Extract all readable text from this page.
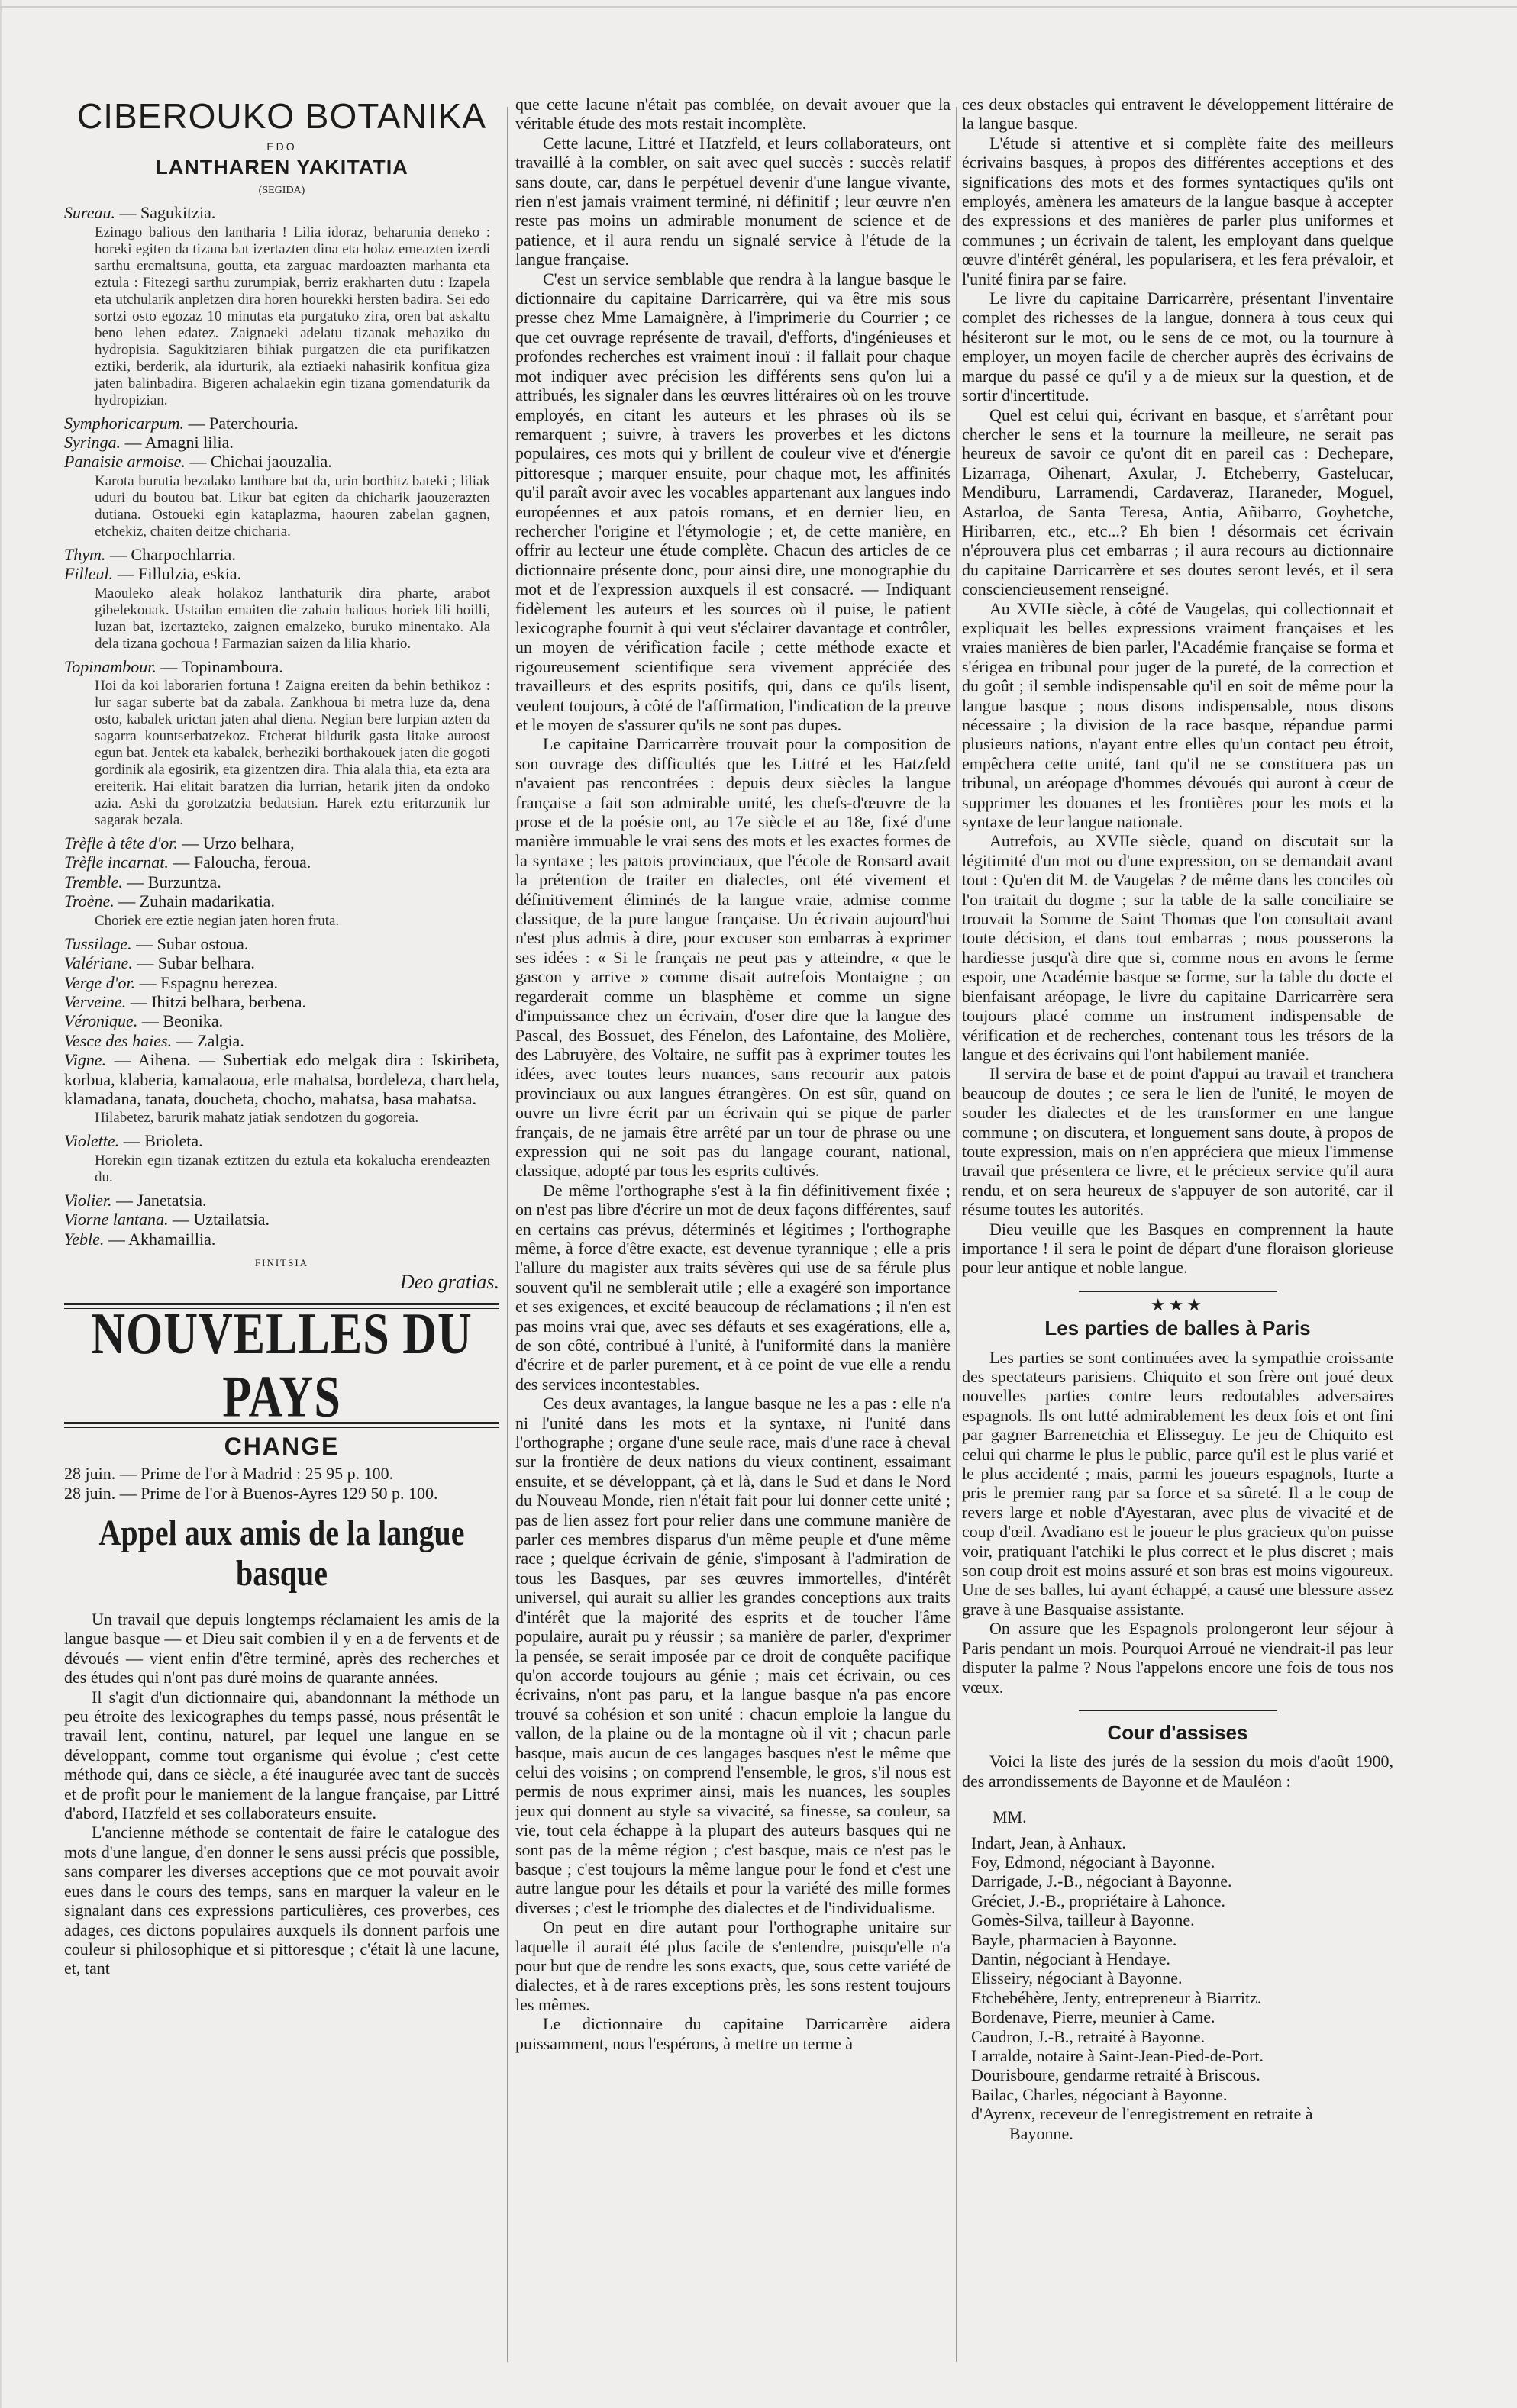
CIBEROUKO BOTANIKA
EDO
LANTHAREN YAKITATIA
(SEGIDA)

Sureau. — Sagukitzia.

Ezinago balious den lantharia ! Lilia idoraz, beharunia deneko : horeki egiten da tizana bat izertazten dina eta holaz emeazten izerdi sarthu eremaltsuna, goutta, eta zarguac mardoazten marhanta eta eztula : Fitezegi sarthu zurumpiak, berriz erakharten dutu : Izapela eta utchularik anpletzen dira horen hourekki hersten badira. Sei edo sortzi osto egozaz 10 minutas eta purgatuko zira, oren bat askaltu beno lehen edatez. Zaignaeki adelatu tizanak mehaziko du hydropisia. Sagukitziaren bihiak purgatzen die eta purifikatzen eztiki, berderik, ala idurturik, ala eztiaeki nahasirik konfitua giza jaten balinbadira. Bigeren achalaekin egin tizana gomendaturik da hydropizian.

Symphoricarpum. — Paterchouria.

Syringa. — Amagni lilia.

Panaisie armoise. — Chichai jaouzalia.

Karota burutia bezalako lanthare bat da, urin borthitz bateki ; liliak uduri du boutou bat. Likur bat egiten da chicharik jaouzerazten dutiana. Ostoueki egin kataplazma, haouren zabelan gagnen, etchekiz, chaiten deitze chicharia.

Thym. — Charpochlarria.

Filleul. — Fillulzia, eskia.

Maouleko aleak holakoz lanthaturik dira pharte, arabot gibelekouak. Ustailan emaiten die zahain halious horiek lili hoilli, luzan bat, izertazteko, zaignen emalzeko, buruko minentako. Ala dela tizana gochoua ! Farmazian saizen da lilia khario.

Topinambour. — Topinamboura.

Hoi da koi laborarien fortuna ! Zaigna ereiten da behin bethikoz : lur sagar suberte bat da zabala. Zankhoua bi metra luze da, dena osto, kabalek urictan jaten ahal diena. Negian bere lurpian azten da sagarra kountserbatzekoz. Etcherat bildurik gasta litake auroost egun bat. Jentek eta kabalek, berheziki borthakouek jaten die gogoti gordinik ala egosirik, eta gizentzen dira. Thia alala thia, eta ezta ara ereiterik. Hai elitait baratzen dia lurrian, hetarik jiten da ondoko azia. Aski da gorotzatzia bedatsian. Harek eztu eritarzunik lur sagarak bezala.

Trèfle à tête d'or. — Urzo belhara,

Trèfle incarnat. — Falouchа, feroua.

Tremble. — Burzuntza.

Troène. — Zuhain madarikatia.

Choriek ere eztie negian jaten horen fruta.

Tussilage. — Subar ostoua.

Valériane. — Subar belhara.

Verge d'or. — Espagnu herezea.

Verveine. — Ihitzi belhara, berbena.

Véronique. — Beonika.

Vesce des haies. — Zalgia.

Vigne. — Aihena. — Subertiak edo melgak dira : Iskiribeta, korbua, klaberia, kamalaoua, erle mahatsa, bordeleza, charchela, klamadana, tanata, doucheta, chocho, mahatsa, basa mahatsa.

Hilabetez, barurik mahatz jatiak sendotzen du gogoreia.

Violette. — Brioleta.

Horekin egin tizanak eztitzen du eztula eta kokalucha erendeazten du.

Violier. — Janetatsia.

Viorne lantana. — Uztailatsia.

Yeble. — Akhamaillia.

FINITSIA
Deo gratias.
NOUVELLES DU PAYS
CHANGE

28 juin. — Prime de l'or à Madrid : 25 95 p. 100.

28 juin. — Prime de l'or à Buenos-Ayres 129 50 p. 100.

Appel aux amis de la langue basque

Un travail que depuis longtemps réclamaient les amis de la langue basque — et Dieu sait combien il y en a de fervents et de dévoués — vient enfin d'être terminé, après des recherches et des études qui n'ont pas duré moins de quarante années.

Il s'agit d'un dictionnaire qui, abandonnant la méthode un peu étroite des lexicographes du temps passé, nous présentât le travail lent, continu, naturel, par lequel une langue en se développant, comme tout organisme qui évolue ; c'est cette méthode qui, dans ce siècle, a été inaugurée avec tant de succès et de profit pour le maniement de la langue française, par Littré d'abord, Hatzfeld et ses collaborateurs ensuite.

L'ancienne méthode se contentait de faire le catalogue des mots d'une langue, d'en donner le sens aussi précis que possible, sans comparer les diverses acceptions que ce mot pouvait avoir eues dans le cours des temps, sans en marquer la valeur en le signalant dans ces expressions particulières, ces proverbes, ces adages, ces dictons populaires auxquels ils donnent parfois une couleur si philosophique et si pittoresque ; c'était là une lacune, et, tant

que cette lacune n'était pas comblée, on devait avouer que la véritable étude des mots restait incomplète.

Cette lacune, Littré et Hatzfeld, et leurs collaborateurs, ont travaillé à la combler, on sait avec quel succès : succès relatif sans doute, car, dans le perpétuel devenir d'une langue vivante, rien n'est jamais vraiment terminé, ni définitif ; leur œuvre n'en reste pas moins un admirable monument de science et de patience, et il aura rendu un signalé service à l'étude de la langue française.

C'est un service semblable que rendra à la langue basque le dictionnaire du capitaine Darricarrère, qui va être mis sous presse chez Mme Lamaignère, à l'imprimerie du Courrier ; ce que cet ouvrage représente de travail, d'efforts, d'ingénieuses et profondes recherches est vraiment inouï : il fallait pour chaque mot indiquer avec précision les différents sens qu'on lui a attribués, les signaler dans les œuvres littéraires où on les trouve employés, en citant les auteurs et les phrases où ils se remarquent ; suivre, à travers les proverbes et les dictons populaires, ces mots qui y brillent de couleur vive et d'énergie pittoresque ; marquer ensuite, pour chaque mot, les affinités qu'il paraît avoir avec les vocables appartenant aux langues indo européennes et aux patois romans, et en dernier lieu, en rechercher l'origine et l'étymologie ; et, de cette manière, en offrir au lecteur une étude complète. Chacun des articles de ce dictionnaire présente donc, pour ainsi dire, une monographie du mot et de l'expression auxquels il est consacré. — Indiquant fidèlement les auteurs et les sources où il puise, le patient lexicographe fournit à qui veut s'éclairer davantage et contrôler, un moyen de vérification facile ; cette méthode exacte et rigoureusement scientifique sera vivement appréciée des travailleurs et des esprits positifs, qui, dans ce qu'ils lisent, veulent toujours, à côté de l'affirmation, l'indication de la preuve et le moyen de s'assurer qu'ils ne sont pas dupes.

Le capitaine Darricarrère trouvait pour la composition de son ouvrage des difficultés que les Littré et les Hatzfeld n'avaient pas rencontrées : depuis deux siècles la langue française a fait son admirable unité, les chefs-d'œuvre de la prose et de la poésie ont, au 17e siècle et au 18e, fixé d'une manière immuable le vrai sens des mots et les exactes formes de la syntaxe ; les patois provinciaux, que l'école de Ronsard avait la prétention de traiter en dialectes, ont été vivement et définitivement éliminés de la langue vraie, admise comme classique, de la pure langue française. Un écrivain aujourd'hui n'est plus admis à dire, pour excuser son embarras à exprimer ses idées : « Si le français ne peut pas y atteindre, « que le gascon y arrive » comme disait autrefois Montaigne ; on regarderait comme un blasphème et comme un signe d'impuissance chez un écrivain, d'oser dire que la langue des Pascal, des Bossuet, des Fénelon, des Lafontaine, des Molière, des Labruyère, des Voltaire, ne suffit pas à exprimer toutes les idées, avec toutes leurs nuances, sans recourir aux patois provinciaux ou aux langues étrangères. On est sûr, quand on ouvre un livre écrit par un écrivain qui se pique de parler français, de ne jamais être arrêté par un tour de phrase ou une expression qui ne soit pas du langage courant, national, classique, adopté par tous les esprits cultivés.

De même l'orthographe s'est à la fin définitivement fixée ; on n'est pas libre d'écrire un mot de deux façons différentes, sauf en certains cas prévus, déterminés et légitimes ; l'orthographe même, à force d'être exacte, est devenue tyrannique ; elle a pris l'allure du magister aux traits sévères qui use de sa férule plus souvent qu'il ne semblerait utile ; elle a exagéré son importance et ses exigences, et excité beaucoup de réclamations ; il n'en est pas moins vrai que, avec ses défauts et ses exagérations, elle a, de son côté, contribué à l'unité, à l'uniformité dans la manière d'écrire et de parler purement, et à ce point de vue elle a rendu des services incontestables.

Ces deux avantages, la langue basque ne les a pas : elle n'a ni l'unité dans les mots et la syntaxe, ni l'unité dans l'orthographe ; organe d'une seule race, mais d'une race à cheval sur la frontière de deux nations du vieux continent, essaimant ensuite, et se développant, çà et là, dans le Sud et dans le Nord du Nouveau Monde, rien n'était fait pour lui donner cette unité ; pas de lien assez fort pour relier dans une commune manière de parler ces membres disparus d'un même peuple et d'une même race ; quelque écrivain de génie, s'imposant à l'admiration de tous les Basques, par ses œuvres immortelles, d'intérêt universel, qui aurait su allier les grandes conceptions aux traits d'intérêt que la majorité des esprits et de toucher l'âme populaire, aurait pu y réussir ; sa manière de parler, d'exprimer la pensée, se serait imposée par ce droit de conquête pacifique qu'on accorde toujours au génie ; mais cet écrivain, ou ces écrivains, n'ont pas paru, et la langue basque n'a pas encore trouvé sa cohésion et son unité : chacun emploie la langue du vallon, de la plaine ou de la montagne où il vit ; chacun parle basque, mais aucun de ces langages basques n'est le même que celui des voisins ; on comprend l'ensemble, le gros, s'il nous est permis de nous exprimer ainsi, mais les nuances, les souples jeux qui donnent au style sa vivacité, sa finesse, sa couleur, sa vie, tout cela échappe à la plupart des auteurs basques qui ne sont pas de la même région ; c'est basque, mais ce n'est pas le basque ; c'est toujours la même langue pour le fond et c'est une autre langue pour les détails et pour la variété des mille formes diverses ; c'est le triomphe des dialectes et de l'individualisme.

On peut en dire autant pour l'orthographe unitaire sur laquelle il aurait été plus facile de s'entendre, puisqu'elle n'a pour but que de rendre les sons exacts, que, sous cette variété de dialectes, et à de rares exceptions près, les sons restent toujours les mêmes.

Le dictionnaire du capitaine Darricarrère aidera puissamment, nous l'espérons, à mettre un terme à

ces deux obstacles qui entravent le développement littéraire de la langue basque.

L'étude si attentive et si complète faite des meilleurs écrivains basques, à propos des différentes acceptions et des significations des mots et des formes syntactiques qu'ils ont employés, amènera les amateurs de la langue basque à accepter des expressions et des manières de parler plus uniformes et communes ; un écrivain de talent, les employant dans quelque œuvre d'intérêt général, les popularisera, et les fera prévaloir, et l'unité finira par se faire.

Le livre du capitaine Darricarrère, présentant l'inventaire complet des richesses de la langue, donnera à tous ceux qui hésiteront sur le mot, ou le sens de ce mot, ou la tournure à employer, un moyen facile de chercher auprès des écrivains de marque du passé ce qu'il y a de mieux sur la question, et de sortir d'incertitude.

Quel est celui qui, écrivant en basque, et s'arrêtant pour chercher le sens et la tournure la meilleure, ne serait pas heureux de savoir ce qu'ont dit en pareil cas : Dechepare, Lizarraga, Oihenart, Axular, J. Etcheberry, Gastelucar, Mendiburu, Larramendi, Cardaveraz, Haraneder, Moguel, Astarloa, de Santa Teresa, Antia, Añibarro, Goyhetche, Hiribarren, etc., etc...? Eh bien ! désormais cet écrivain n'éprouvera plus cet embarras ; il aura recours au dictionnaire du capitaine Darricarrère et ses doutes seront levés, et il sera consciencieusement renseigné.

Au XVIIe siècle, à côté de Vaugelas, qui collectionnait et expliquait les belles expressions vraiment françaises et les vraies manières de bien parler, l'Académie française se forma et s'érigea en tribunal pour juger de la pureté, de la correction et du goût ; il semble indispensable qu'il en soit de même pour la langue basque ; nous disons indispensable, nous disons nécessaire ; la division de la race basque, répandue parmi plusieurs nations, n'ayant entre elles qu'un contact peu étroit, empêchera cette unité, tant qu'il ne se constituera pas un tribunal, un aréopage d'hommes dévoués qui auront à cœur de supprimer les douanes et les frontières pour les mots et la syntaxe de leur langue nationale.

Autrefois, au XVIIe siècle, quand on discutait sur la légitimité d'un mot ou d'une expression, on se demandait avant tout : Qu'en dit M. de Vaugelas ? de même dans les conciles où l'on traitait du dogme ; sur la table de la salle conciliaire se trouvait la Somme de Saint Thomas que l'on consultait avant toute décision, et dans tout embarras ; nous pousserons la hardiesse jusqu'à dire que si, comme nous en avons le ferme espoir, une Académie basque se forme, sur la table du docte et bienfaisant aréopage, le livre du capitaine Darricarrère sera toujours placé comme un instrument indispensable de vérification et de recherches, contenant tous les trésors de la langue et des écrivains qui l'ont habilement maniée.

Il servira de base et de point d'appui au travail et tranchera beaucoup de doutes ; ce sera le lien de l'unité, le moyen de souder les dialectes et de les transformer en une langue commune ; on discutera, et longuement sans doute, à propos de toute expression, mais on n'en appréciera que mieux l'immense travail que présentera ce livre, et le précieux service qu'il aura rendu, et on sera heureux de s'appuyer de son autorité, car il résume toutes les autorités.

Dieu veuille que les Basques en comprennent la haute importance ! il sera le point de départ d'une floraison glorieuse pour leur antique et noble langue.

★★★
Les parties de balles à Paris

Les parties se sont continuées avec la sympathie croissante des spectateurs parisiens. Chiquito et son frère ont joué deux nouvelles parties contre leurs redoutables adversaires espagnols. Ils ont lutté admirablement les deux fois et ont fini par gagner Barrenetchia et Elisseguy. Le jeu de Chiquito est celui qui charme le plus le public, parce qu'il est le plus varié et le plus accidenté ; mais, parmi les joueurs espagnols, Iturte a pris le premier rang par sa force et sa sûreté. Il a le coup de revers large et noble d'Ayestaran, avec plus de vivacité et de coup d'œil. Avadiano est le joueur le plus gracieux qu'on puisse voir, pratiquant l'atchiki le plus correct et le plus discret ; mais son coup droit est moins assuré et son bras est moins vigoureux. Une de ses balles, lui ayant échappé, a causé une blessure assez grave à une Basquaise assistante.

On assure que les Espagnols prolongeront leur séjour à Paris pendant un mois. Pourquoi Arroué ne viendrait-il pas leur disputer la palme ? Nous l'appelons encore une fois de tous nos vœux.

Cour d'assises

Voici la liste des jurés de la session du mois d'août 1900, des arrondissements de Bayonne et de Mauléon :

MM.
Indart, Jean, à Anhaux.
Foy, Edmond, négociant à Bayonne.
Darrigade, J.-B., négociant à Bayonne.
Gréciet, J.-B., propriétaire à Lahonce.
Gomès-Silva, tailleur à Bayonne.
Bayle, pharmacien à Bayonne.
Dantin, négociant à Hendaye.
Elisseiry, négociant à Bayonne.
Etchebéhère, Jenty, entrepreneur à Biarritz.
Bordenave, Pierre, meunier à Came.
Caudron, J.-B., retraité à Bayonne.
Larralde, notaire à Saint-Jean-Pied-de-Port.
Dourisboure, gendarme retraité à Briscous.
Bailac, Charles, négociant à Bayonne.
d'Ayrenx, receveur de l'enregistrement en retraite à
Bayonne.
